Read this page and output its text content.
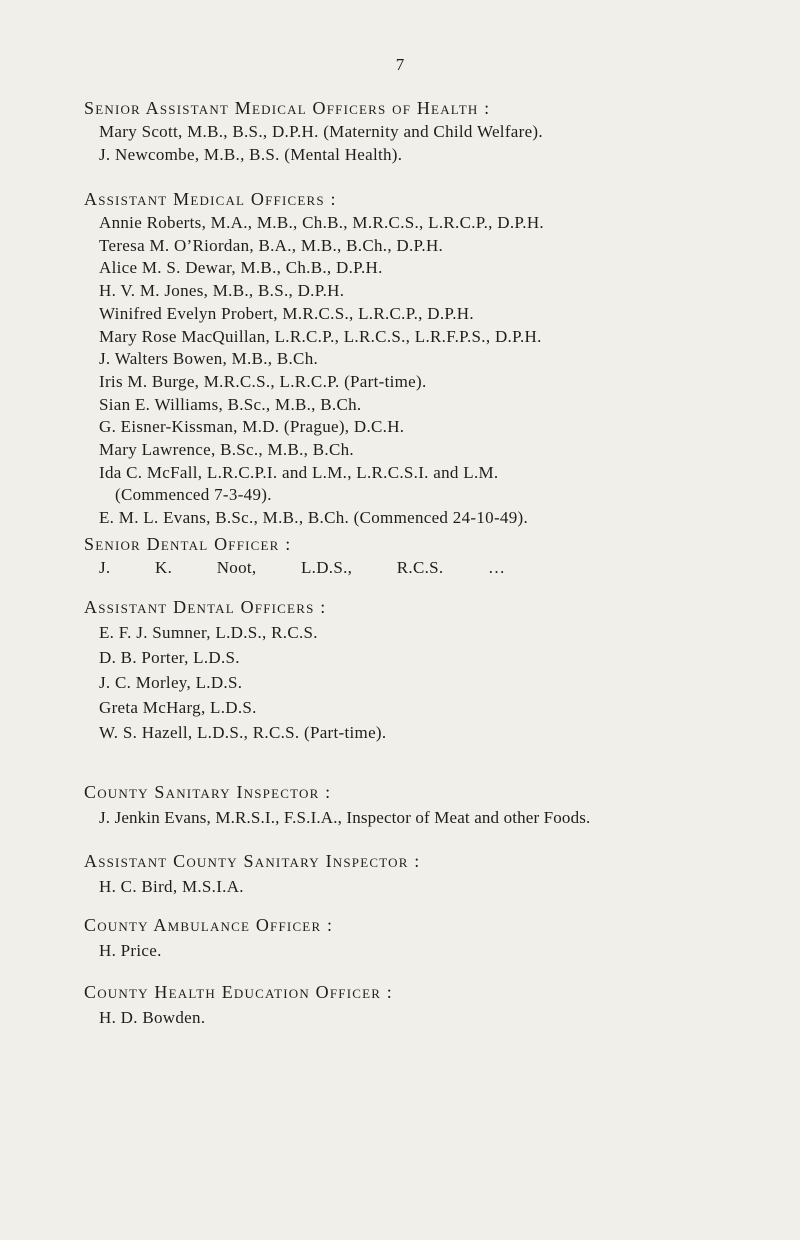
7
Senior Assistant Medical Officers of Health :
Mary Scott, M.B., B.S., D.P.H. (Maternity and Child Welfare).
J. Newcombe, M.B., B.S. (Mental Health).
Assistant Medical Officers :
Annie Roberts, M.A., M.B., Ch.B., M.R.C.S., L.R.C.P., D.P.H.
Teresa M. O’Riordan, B.A., M.B., B.Ch., D.P.H.
Alice M. S. Dewar, M.B., Ch.B., D.P.H.
H. V. M. Jones, M.B., B.S., D.P.H.
Winifred Evelyn Probert, M.R.C.S., L.R.C.P., D.P.H.
Mary Rose MacQuillan, L.R.C.P., L.R.C.S., L.R.F.P.S., D.P.H.
J. Walters Bowen, M.B., B.Ch.
Iris M. Burge, M.R.C.S., L.R.C.P. (Part-time).
Sian E. Williams, B.Sc., M.B., B.Ch.
G. Eisner-Kissman, M.D. (Prague), D.C.H.
Mary Lawrence, B.Sc., M.B., B.Ch.
Ida C. McFall, L.R.C.P.I. and L.M., L.R.C.S.I. and L.M.
(Commenced 7-3-49).
E. M. L. Evans, B.Sc., M.B., B.Ch. (Commenced 24-10-49).
Senior Dental Officer :
J. K. Noot, L.D.S., R.C.S. …
Assistant Dental Officers :
E. F. J. Sumner, L.D.S., R.C.S.
D. B. Porter, L.D.S.
J. C. Morley, L.D.S.
Greta McHarg, L.D.S.
W. S. Hazell, L.D.S., R.C.S. (Part-time).
County Sanitary Inspector :
J. Jenkin Evans, M.R.S.I., F.S.I.A., Inspector of Meat and other Foods.
Assistant County Sanitary Inspector :
H. C. Bird, M.S.I.A.
County Ambulance Officer :
H. Price.
County Health Education Officer :
H. D. Bowden.
